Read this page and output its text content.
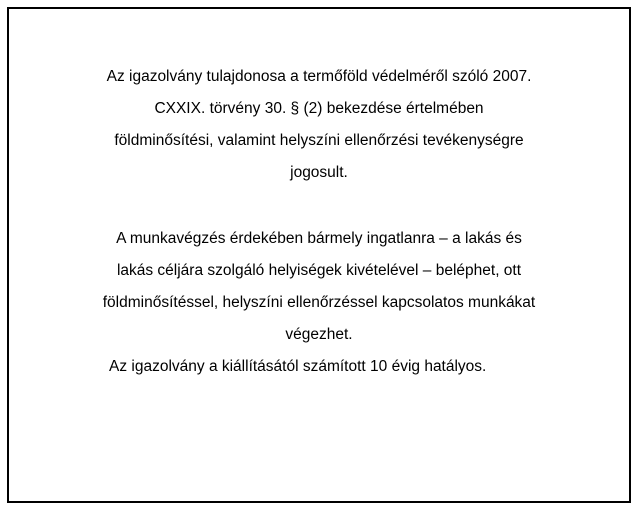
Az igazolvány tulajdonosa a termőföld védelméről szóló 2007.
CXXIX. törvény 30. § (2) bekezdése értelmében
földminősítési, valamint helyszíni ellenőrzési tevékenységre
jogosult.
A munkavégzés érdekében bármely ingatlanra – a lakás és
lakás céljára szolgáló helyiségek kivételével – beléphet, ott
földminősítéssel, helyszíni ellenőrzéssel kapcsolatos munkákat
végezhet.
Az igazolvány a kiállításától számított 10 évig hatályos.
